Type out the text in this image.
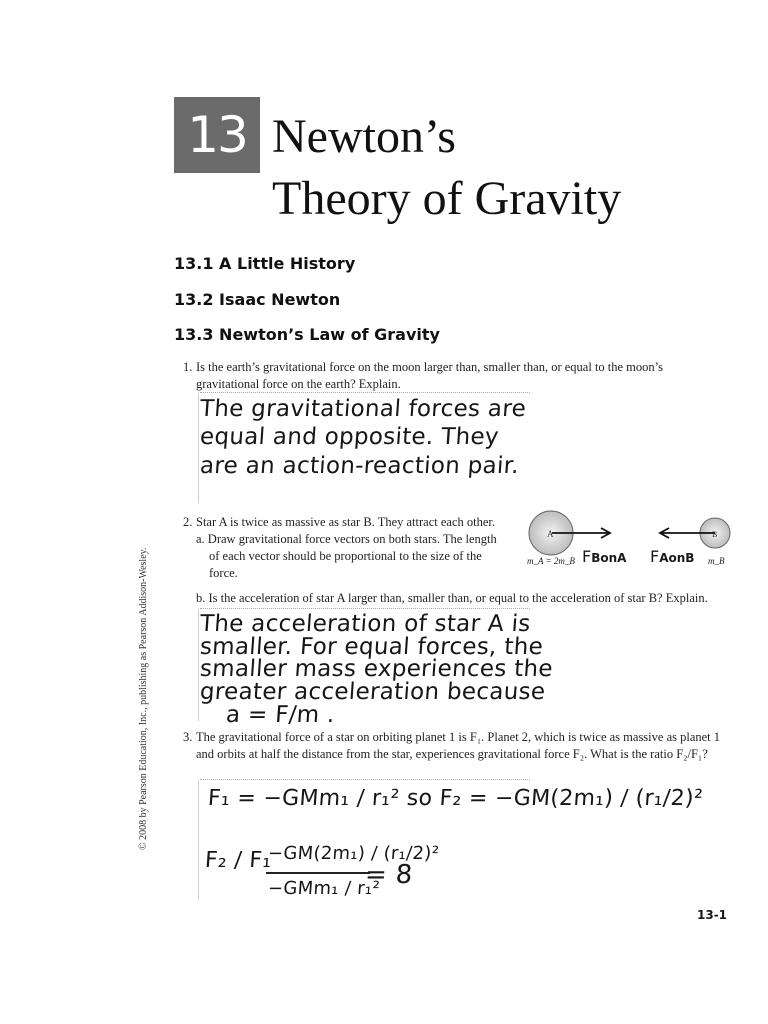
13 Newton’s
Theory of Gravity
13.1 A Little History
13.2 Isaac Newton
13.3 Newton’s Law of Gravity
1. Is the earth’s gravitational force on the moon larger than, smaller than, or equal to the moon’s gravitational force on the earth? Explain.
The gravitational forces are
equal and opposite. They
are an action-reaction pair.
2. Star A is twice as massive as star B. They attract each other.
a. Draw gravitational force vectors on both stars. The length of each vector should be proportional to the size of the force.
A	B
m_A = 2m_B	m_B
FBonA FAonB
b. Is the acceleration of star A larger than, smaller than, or equal to the acceleration of star B? Explain.
The acceleration of star A is
smaller. For equal forces, the
smaller mass experiences the
greater acceleration because
a = F/m .
3. The gravitational force of a star on orbiting planet 1 is F₁. Planet 2, which is twice as massive as planet 1 and orbits at half the distance from the star, experiences gravitational force F₂. What is the ratio F₂/F₁?
F₁ = −GMm₁ / r₁² so F₂ = −GM(2m₁) / (r₁/2)²
F₂ / F₁
−GM(2m₁) / (r₁/2)²
−GMm₁ / r₁²
= 8
© 2008 by Pearson Education, Inc., publishing as Pearson Addison-Wesley.
13-1
